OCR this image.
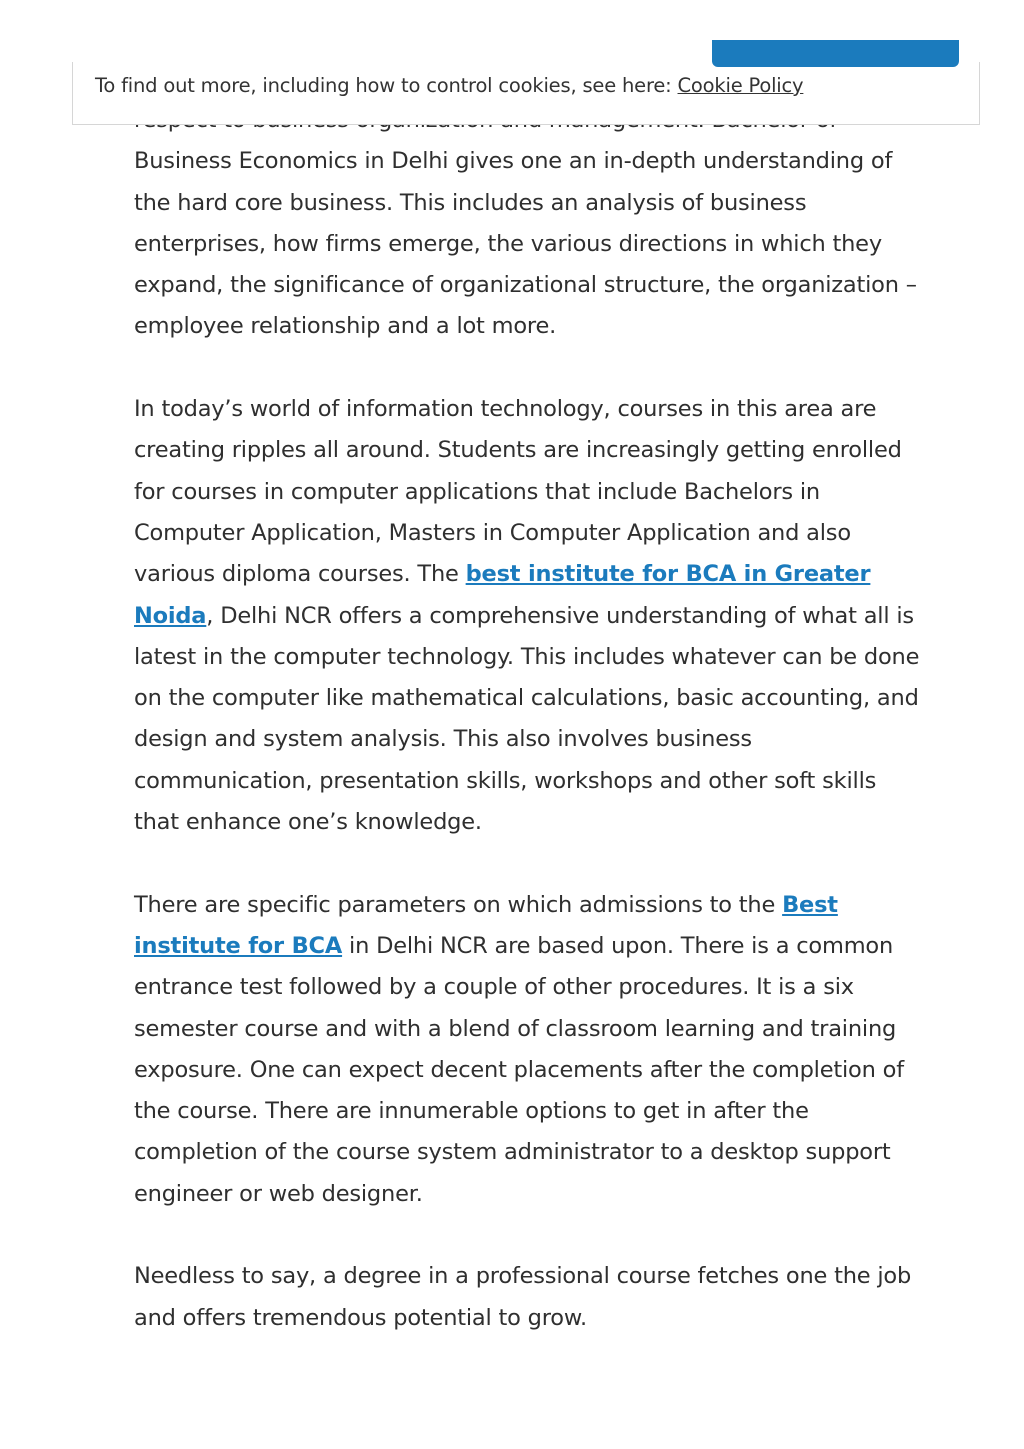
To find out more, including how to control cookies, see here: Cookie Policy

Business Economics in Delhi gives one an in-depth understanding of the hard core business. This includes an analysis of business enterprises, how firms emerge, the various directions in which they expand, the significance of organizational structure, the organization – employee relationship and a lot more.

In today’s world of information technology, courses in this area are creating ripples all around. Students are increasingly getting enrolled for courses in computer applications that include Bachelors in Computer Application, Masters in Computer Application and also various diploma courses. The best institute for BCA in Greater Noida, Delhi NCR offers a comprehensive understanding of what all is latest in the computer technology. This includes whatever can be done on the computer like mathematical calculations, basic accounting, and design and system analysis. This also involves business communication, presentation skills, workshops and other soft skills that enhance one’s knowledge.

There are specific parameters on which admissions to the Best institute for BCA in Delhi NCR are based upon. There is a common entrance test followed by a couple of other procedures. It is a six semester course and with a blend of classroom learning and training exposure. One can expect decent placements after the completion of the course. There are innumerable options to get in after the completion of the course system administrator to a desktop support engineer or web designer.

Needless to say, a degree in a professional course fetches one the job and offers tremendous potential to grow.
